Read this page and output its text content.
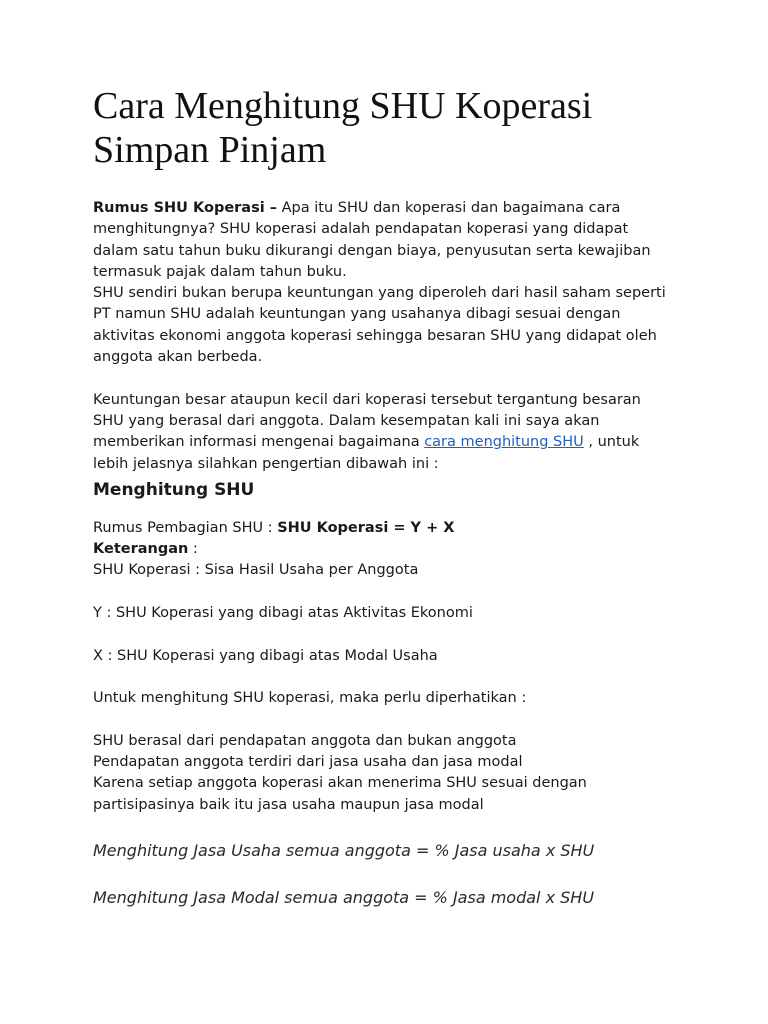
Cara Menghitung SHU Koperasi
Simpan Pinjam
Rumus SHU Koperasi – Apa itu SHU dan koperasi dan bagaimana cara
menghitungnya? SHU koperasi adalah pendapatan koperasi yang didapat
dalam satu tahun buku dikurangi dengan biaya, penyusutan serta kewajiban
termasuk pajak dalam tahun buku.
SHU sendiri bukan berupa keuntungan yang diperoleh dari hasil saham seperti
PT namun SHU adalah keuntungan yang usahanya dibagi sesuai dengan
aktivitas ekonomi anggota koperasi sehingga besaran SHU yang didapat oleh
anggota akan berbeda.
Keuntungan besar ataupun kecil dari koperasi tersebut tergantung besaran
SHU yang berasal dari anggota. Dalam kesempatan kali ini saya akan
memberikan informasi mengenai bagaimana cara menghitung SHU , untuk
lebih jelasnya silahkan pengertian dibawah ini :
Menghitung SHU
Rumus Pembagian SHU : SHU Koperasi = Y + X
Keterangan :
SHU Koperasi : Sisa Hasil Usaha per Anggota
Y : SHU Koperasi yang dibagi atas Aktivitas Ekonomi
X : SHU Koperasi yang dibagi atas Modal Usaha
Untuk menghitung SHU koperasi, maka perlu diperhatikan :
SHU berasal dari pendapatan anggota dan bukan anggota
Pendapatan anggota terdiri dari jasa usaha dan jasa modal
Karena setiap anggota koperasi akan menerima SHU sesuai dengan
partisipasinya baik itu jasa usaha maupun jasa modal
Menghitung Jasa Usaha semua anggota = % Jasa usaha x SHU
Menghitung Jasa Modal semua anggota = % Jasa modal x SHU
